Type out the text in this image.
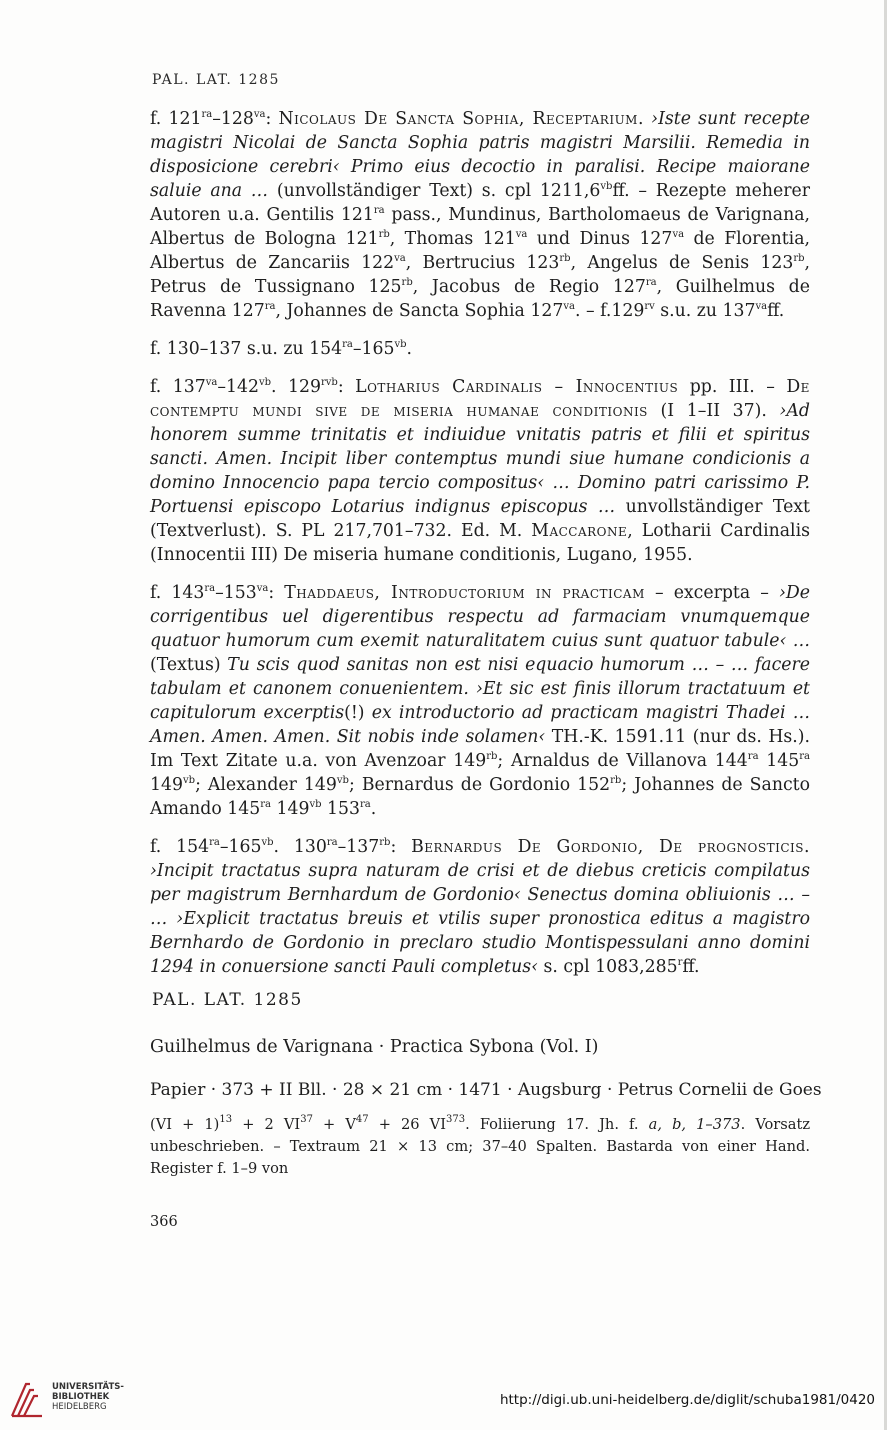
PAL. LAT. 1285

f. $121^{ra}-128^{va}$: Nicolaus De Sancta Sophia, Receptarium. ›Iste sunt recepte magistri Nicolai de Sancta Sophia patris magistri Marsilii. Remedia in disposicione cerebri‹ Primo eius decoctio in paralisi. Recipe maiorane saluie ana … (unvollständiger Text) s. cpl $1211,6^{vb}ff$. – Rezepte meherer Autoren u.a. Gentilis $121^{ra}$ pass., Mundinus, Bartholomaeus de Varignana, Albertus de Bologna $121^{rb}$, Thomas $121^{va}$ und Dinus $127^{va}$ de Florentia, Albertus de Zancariis $122^{va}$, Bertrucius $123^{rb}$, Angelus de Senis $123^{rb}$, Petrus de Tussignano $125^{rb}$, Jacobus de Regio $127^{ra}$, Guilhelmus de Ravenna $127^{ra}$, Johannes de Sancta Sophia $127^{va}$. – $f.129^{rv}$ s.u. zu $137^{va}ff$.

f. 130–137 s.u. zu $154^{ra}-165^{vb}$.

f. $137^{va}-142^{vb}$. $129^{rvb}$: Lotharius Cardinalis – Innocentius pp. III. – De contemptu mundi sive de miseria humanae conditionis (I 1–II 37). ›Ad honorem summe trinitatis et indiuidue vnitatis patris et filii et spiritus sancti. Amen. Incipit liber contemptus mundi siue humane condicionis a domino Innocencio papa tercio compositus‹ … Domino patri carissimo P. Portuensi episcopo Lotarius indignus episcopus … unvollständiger Text (Textverlust). S. PL 217,701–732. Ed. M. Maccarone, Lotharii Cardinalis (Innocentii III) De miseria humane conditionis, Lugano, 1955.

f. $143^{ra}-153^{va}$: Thaddaeus, Introductorium in practicam – excerpta – ›De corrigentibus uel digerentibus respectu ad farmaciam vnumquemque quatuor humorum cum exemit naturalitatem cuius sunt quatuor tabule‹ … (Textus) Tu scis quod sanitas non est nisi equacio humorum … – … facere tabulam et canonem conuenientem. ›Et sic est finis illorum tractatuum et capitulorum excerptis(!) ex introductorio ad practicam magistri Thadei … Amen. Amen. Amen. Sit nobis inde solamen‹ TH.-K. 1591.11 (nur ds. Hs.). Im Text Zitate u.a. von Avenzoar $149^{rb}$; Arnaldus de Villanova $144^{ra}$ $145^{ra}$ $149^{vb}$; Alexander $149^{vb}$; Bernardus de Gordonio $152^{rb}$; Johannes de Sancto Amando $145^{ra}$ $149^{vb}$ $153^{ra}$.

f. $154^{ra}-165^{vb}$. $130^{ra}-137^{rb}$: Bernardus De Gordonio, De prognosticis. ›Incipit tractatus supra naturam de crisi et de diebus creticis compilatus per magistrum Bernhardum de Gordonio‹ Senectus domina obliuionis … – … ›Explicit tractatus breuis et vtilis super pronostica editus a magistro Bernhardo de Gordonio in preclaro studio Montispessulani anno domini 1294 in conuersione sancti Pauli completus‹ s. cpl 1083,285$^r$ff.

PAL. LAT. 1285
Guilhelmus de Varignana · Practica Sybona (Vol. I)
Papier · 373 + II Bll. · 28 × 21 cm · 1471 · Augsburg · Petrus Cornelii de Goes
(VI + 1)$^{13}$ + 2 $VI^{37} + V^{47} + 26$ VI$^{373}$. Foliierung 17. Jh. f. a, b, 1–373. Vorsatz unbeschrieben. – Textraum 21 × 13 cm; 37–40 Spalten. Bastarda von einer Hand. Register f. 1–9 von
366
UNIVERSITÄTS-
BIBLIOTHEK
HEIDELBERG	http://digi.ub.uni-heidelberg.de/diglit/schuba1981/0420
